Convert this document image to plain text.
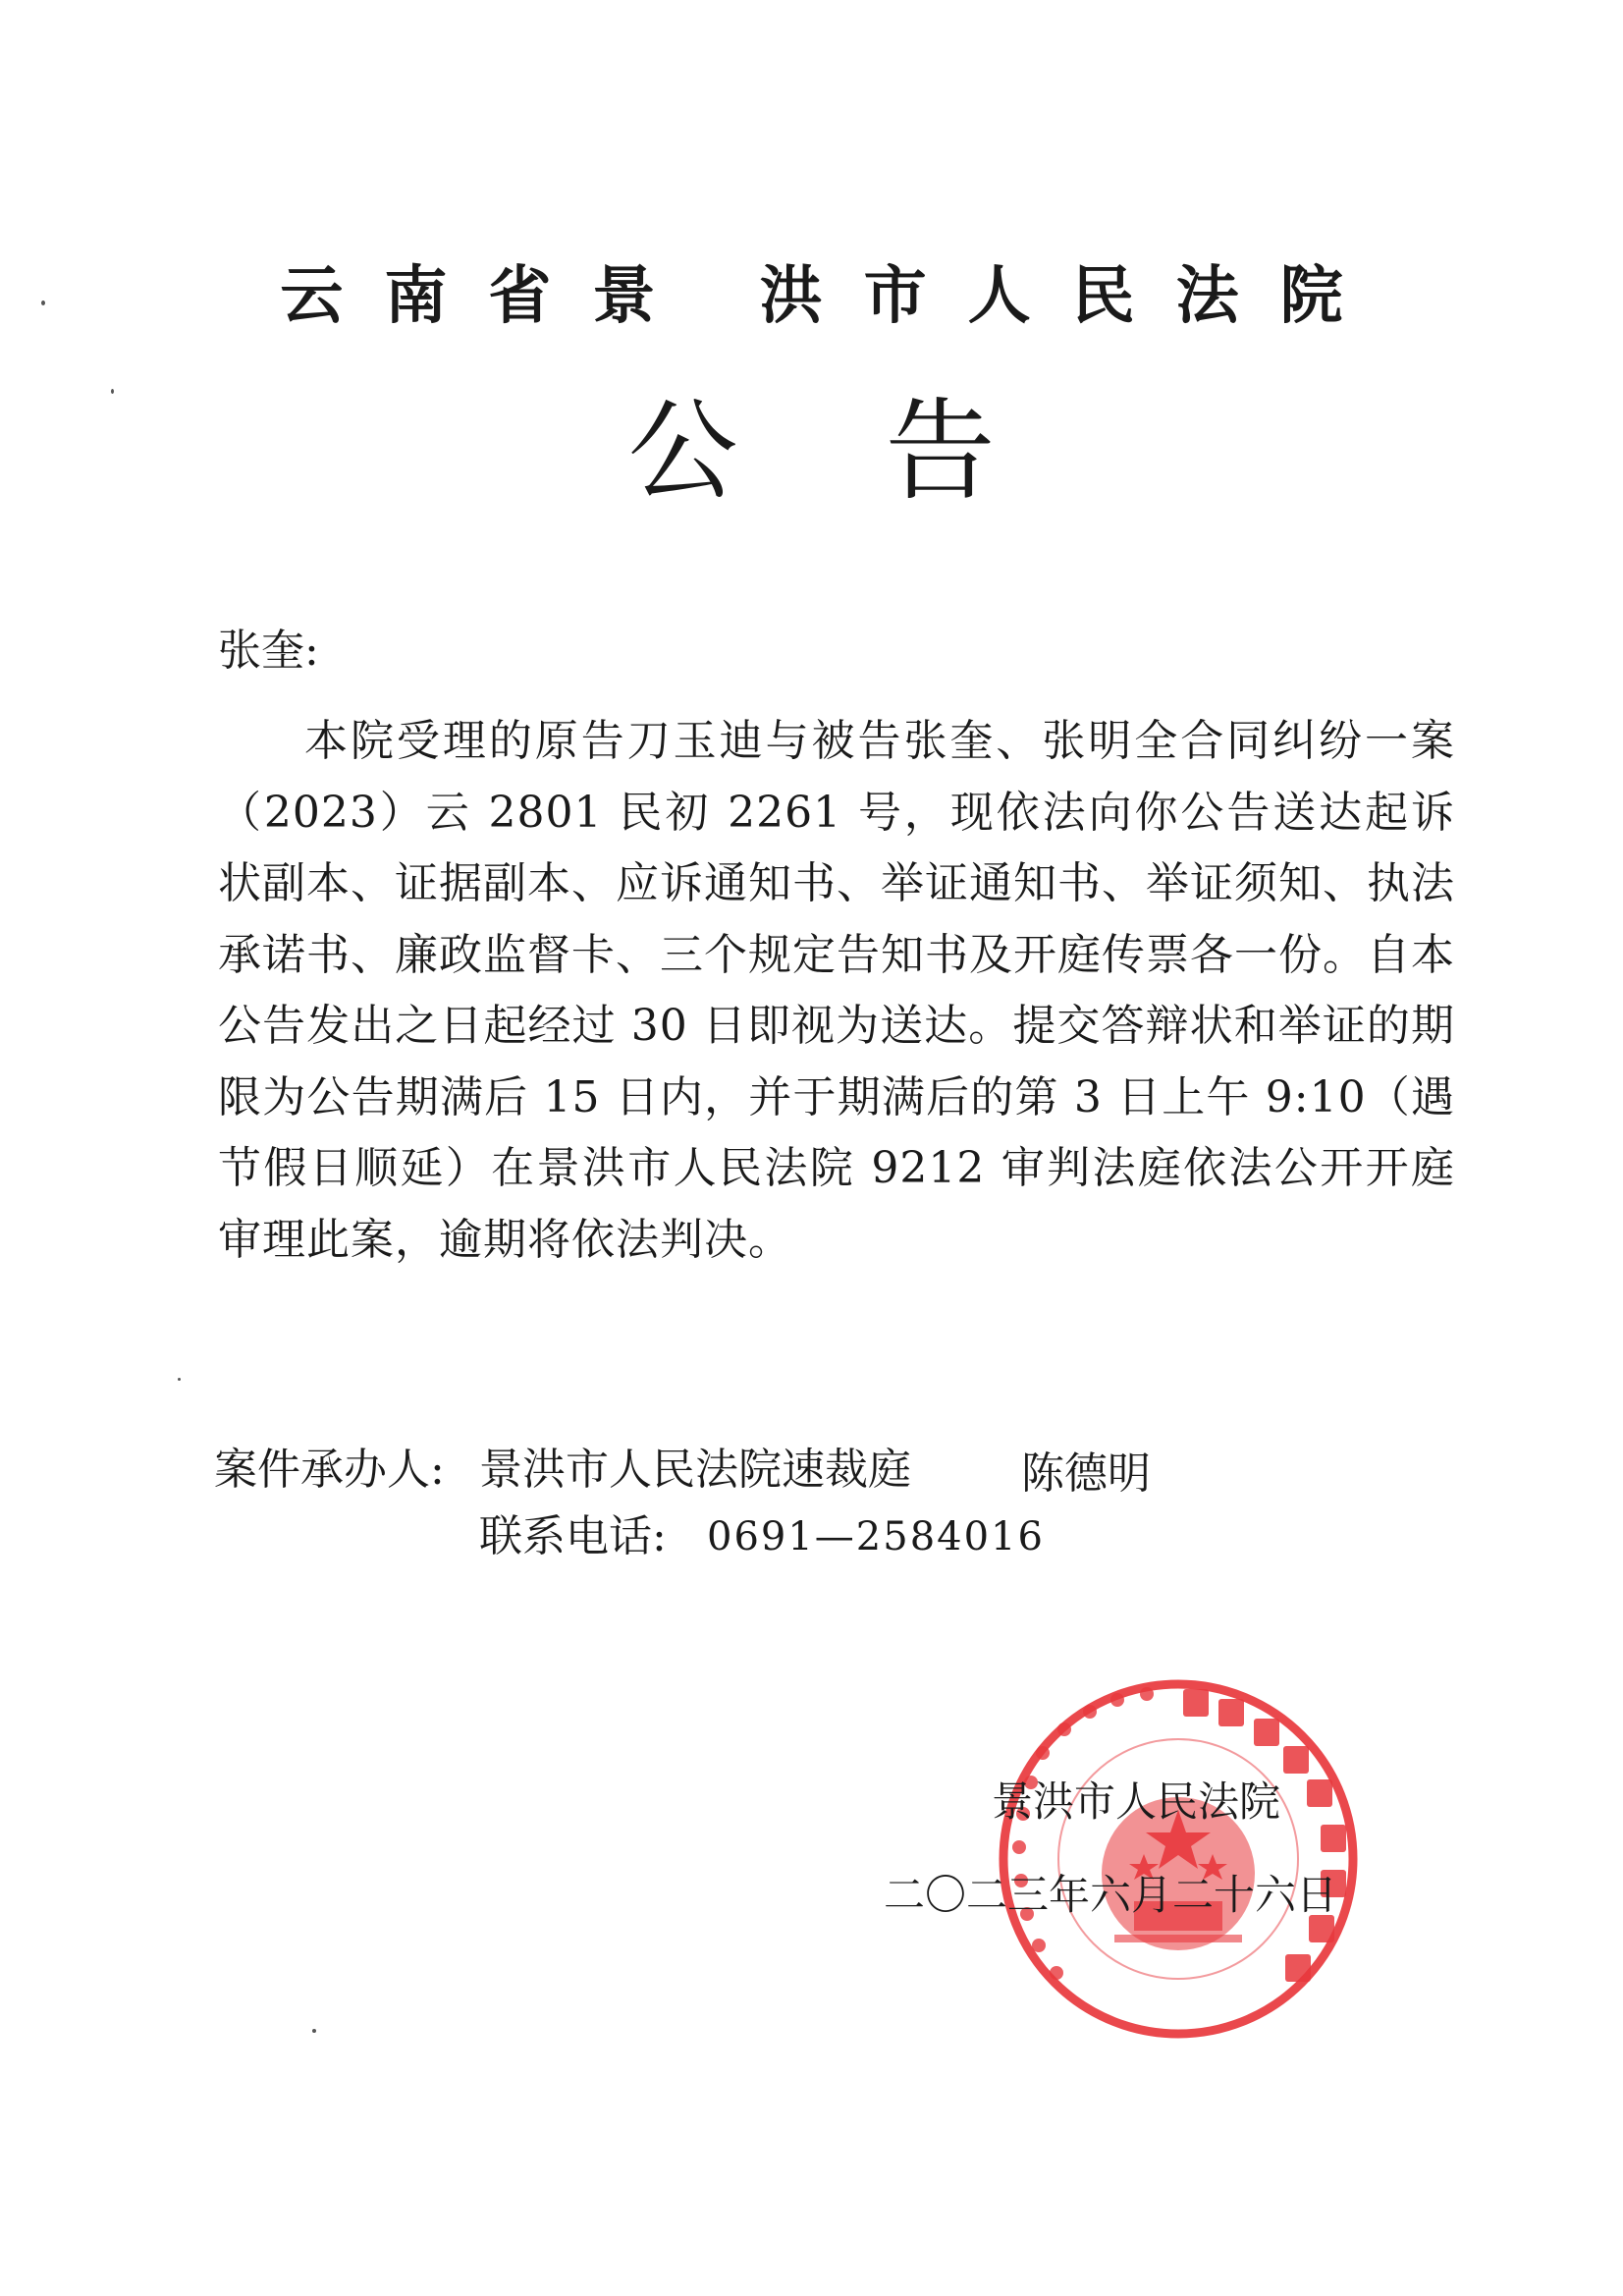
云南省景 洪市人民法院
公告
张奎:

本院受理的原告刀玉迪与被告张奎、张明全合同纠纷一案（2023）云 2801 民初 2261 号，现依法向你公告送达起诉状副本、证据副本、应诉通知书、举证通知书、举证须知、执法承诺书、廉政监督卡、三个规定告知书及开庭传票各一份。自本公告发出之日起经过 30 日即视为送达。提交答辩状和举证的期限为公告期满后 15 日内，并于期满后的第 3 日上午 9:10（遇节假日顺延）在景洪市人民法院 9212 审判法庭依法公开开庭审理此案，逾期将依法判决。

案件承办人: 景洪市人民法院速裁庭	陈德明
联系电话: 0691—2584016
景洪市人民法院
二〇二三年六月二十六日
